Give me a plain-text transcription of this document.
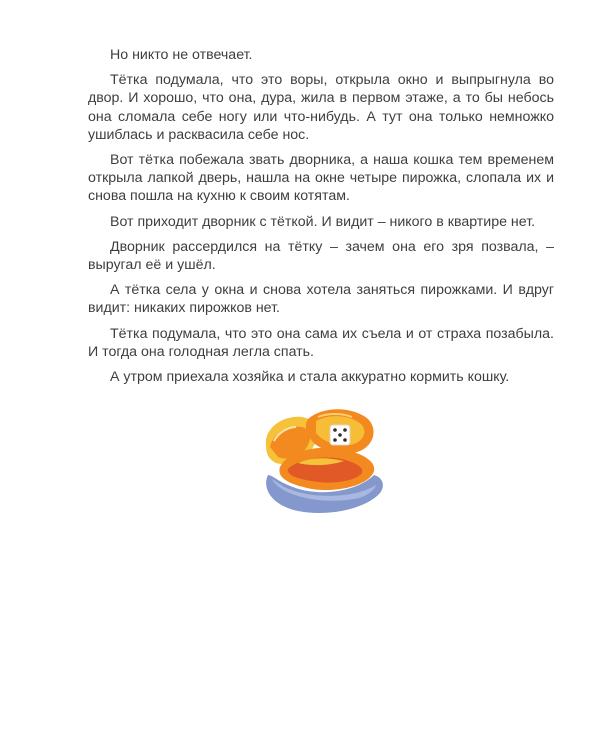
Но никто не отвечает.

Тётка подумала, что это воры, открыла окно и выпрыгнула во двор. И хорошо, что она, дура, жила в первом этаже, а то бы небось она сломала себе ногу или что-нибудь. А тут она только немножко ушиблась и расквасила себе нос.

Вот тётка побежала звать дворника, а наша кошка тем временем открыла лапкой дверь, нашла на окне четыре пирожка, слопала их и снова пошла на кухню к своим котятам.

Вот приходит дворник с тёткой. И видит – никого в квартире нет.

Дворник рассердился на тётку – зачем она его зря позвала, – выругал её и ушёл.

А тётка села у окна и снова хотела заняться пирожками. И вдруг видит: никаких пирожков нет.

Тётка подумала, что это она сама их съела и от страха позабыла. И тогда она голодная легла спать.

А утром приехала хозяйка и стала аккуратно кормить кошку.
